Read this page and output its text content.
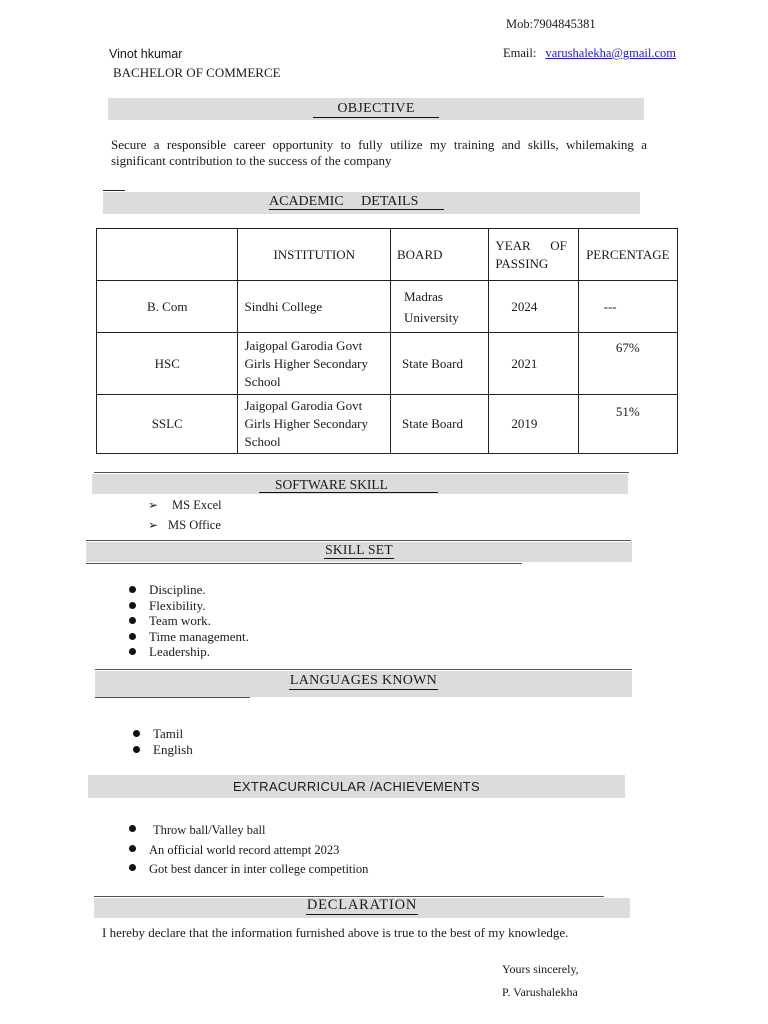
Mob:7904845381
Email: varushalekha@gmail.com
Vinot hkumar
BACHELOR OF COMMERCE
OBJECTIVE
Secure a responsible career opportunity to fully utilize my training and skills, whilemaking a significant contribution to the success of the company
ACADEMIC     DETAILS
	INSTITUTION	BOARD	YEAR      OF PASSING	PERCENTAGE
B. Com	Sindhi College	Madras University	2024	---
HSC	Jaigopal Garodia Govt Girls Higher Secondary School	State Board	2021	67%
SSLC	Jaigopal Garodia Govt Girls Higher Secondary School	State Board	2019	51%
SOFTWARE SKILL
➢ MS Excel
➢ MS Office
SKILL SET
Discipline.
Flexibility.
Team work.
Time management.
Leadership.
LANGUAGES KNOWN
Tamil
English
EXTRACURRICULAR /ACHIEVEMENTS
Throw ball/Valley ball
An official world record attempt 2023
Got best dancer in inter college competition
DECLARATION
I hereby declare that the information furnished above is true to the best of my knowledge.
Yours sincerely,
P. Varushalekha
